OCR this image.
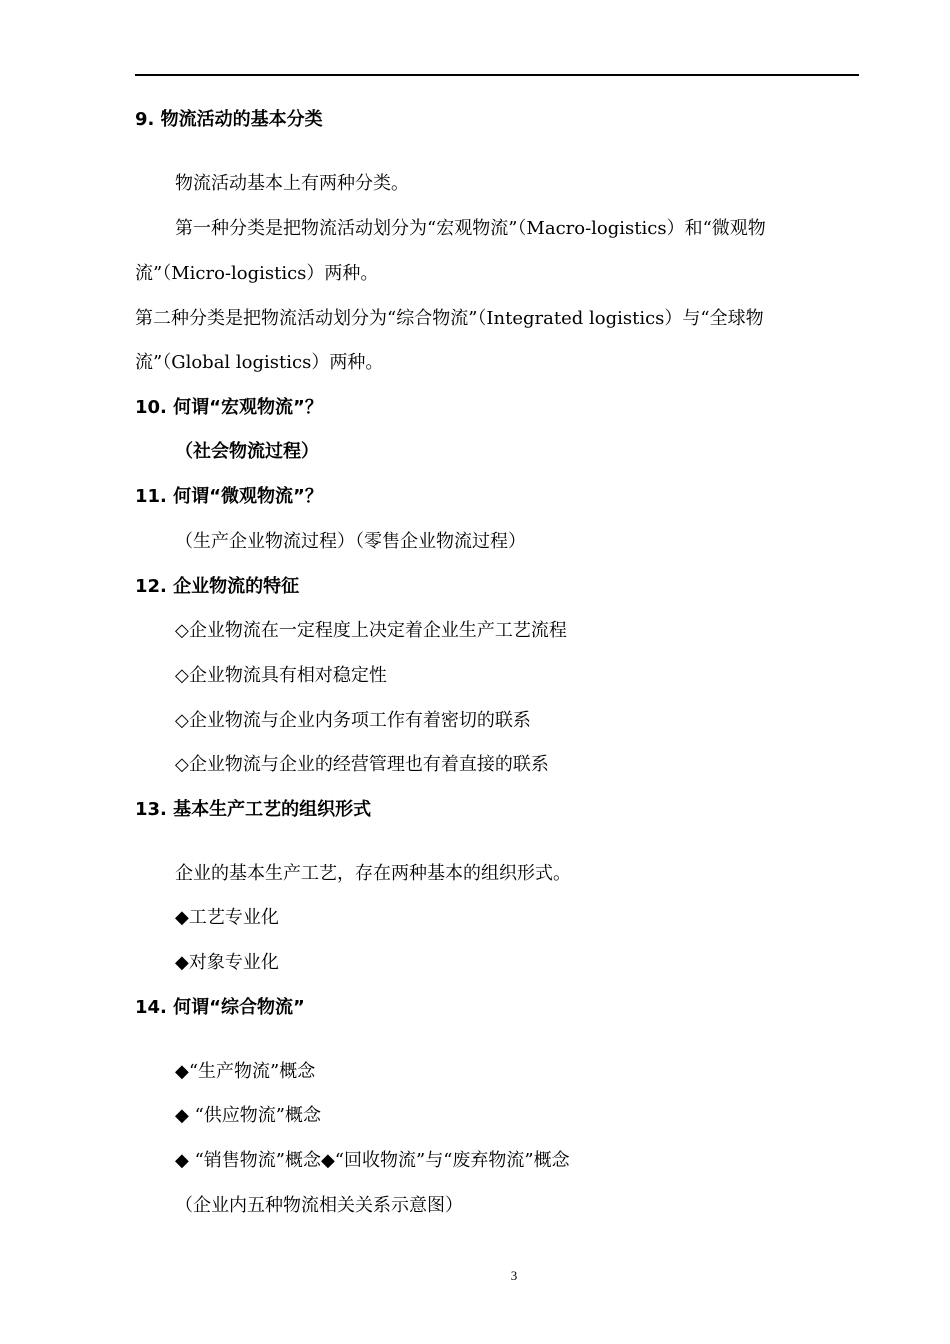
9. 物流活动的基本分类
物流活动基本上有两种分类。
第一种分类是把物流活动划分为“宏观物流”（Macro-logistics）和“微观物
流”（Micro-logistics）两种。
第二种分类是把物流活动划分为“综合物流”（Integrated logistics）与“全球物
流”（Global logistics）两种。
10. 何谓“宏观物流”？
（社会物流过程）
11. 何谓“微观物流”？
（生产企业物流过程）（零售企业物流过程）
12. 企业物流的特征
◇企业物流在一定程度上决定着企业生产工艺流程
◇企业物流具有相对稳定性
◇企业物流与企业内务项工作有着密切的联系
◇企业物流与企业的经营管理也有着直接的联系
13. 基本生产工艺的组织形式
企业的基本生产工艺，存在两种基本的组织形式。
◆工艺专业化
◆对象专业化
14. 何谓“综合物流”
◆“生产物流”概念
◆ “供应物流”概念
◆ “销售物流”概念◆“回收物流”与“废弃物流”概念
（企业内五种物流相关关系示意图）
3
